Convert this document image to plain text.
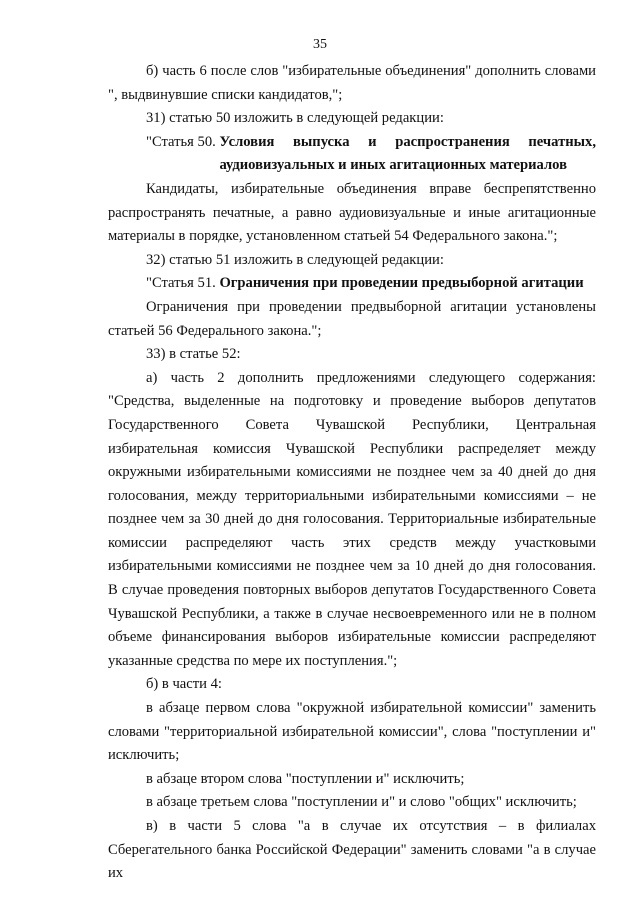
35

б) часть 6 после слов "избирательные объединения" дополнить словами ", выдвинувшие списки кандидатов,";

31) статью 50 изложить в следующей редакции:

"Статья 50. Условия выпуска и распространения печатных, аудиовизуальных и иных агитационных материалов

Кандидаты, избирательные объединения вправе беспрепятственно распространять печатные, а равно аудиовизуальные и иные агитационные материалы в порядке, установленном статьей 54 Федерального закона.";

32) статью 51 изложить в следующей редакции:

"Статья 51. Ограничения при проведении предвыборной агитации

Ограничения при проведении предвыборной агитации установлены статьей 56 Федерального закона.";

33) в статье 52:

а) часть 2 дополнить предложениями следующего содержания: "Средства, выделенные на подготовку и проведение выборов депутатов Государственного Совета Чувашской Республики, Центральная избирательная комиссия Чувашской Республики распределяет между окружными избирательными комиссиями не позднее чем за 40 дней до дня голосования, между территориальными избирательными комиссиями – не позднее чем за 30 дней до дня голосования. Территориальные избирательные комиссии распределяют часть этих средств между участковыми избирательными комиссиями не позднее чем за 10 дней до дня голосования. В случае проведения повторных выборов депутатов Государственного Совета Чувашской Республики, а также в случае несвоевременного или не в полном объеме финансирования выборов избирательные комиссии распределяют указанные средства по мере их поступления.";

б) в части 4:

в абзаце первом слова "окружной избирательной комиссии" заменить словами "территориальной избирательной комиссии", слова "поступлении и" исключить;

в абзаце втором слова "поступлении и" исключить;

в абзаце третьем слова "поступлении и" и слово "общих" исключить;

в) в части 5 слова "а в случае их отсутствия – в филиалах Сберегательного банка Российской Федерации" заменить словами "а в случае их
